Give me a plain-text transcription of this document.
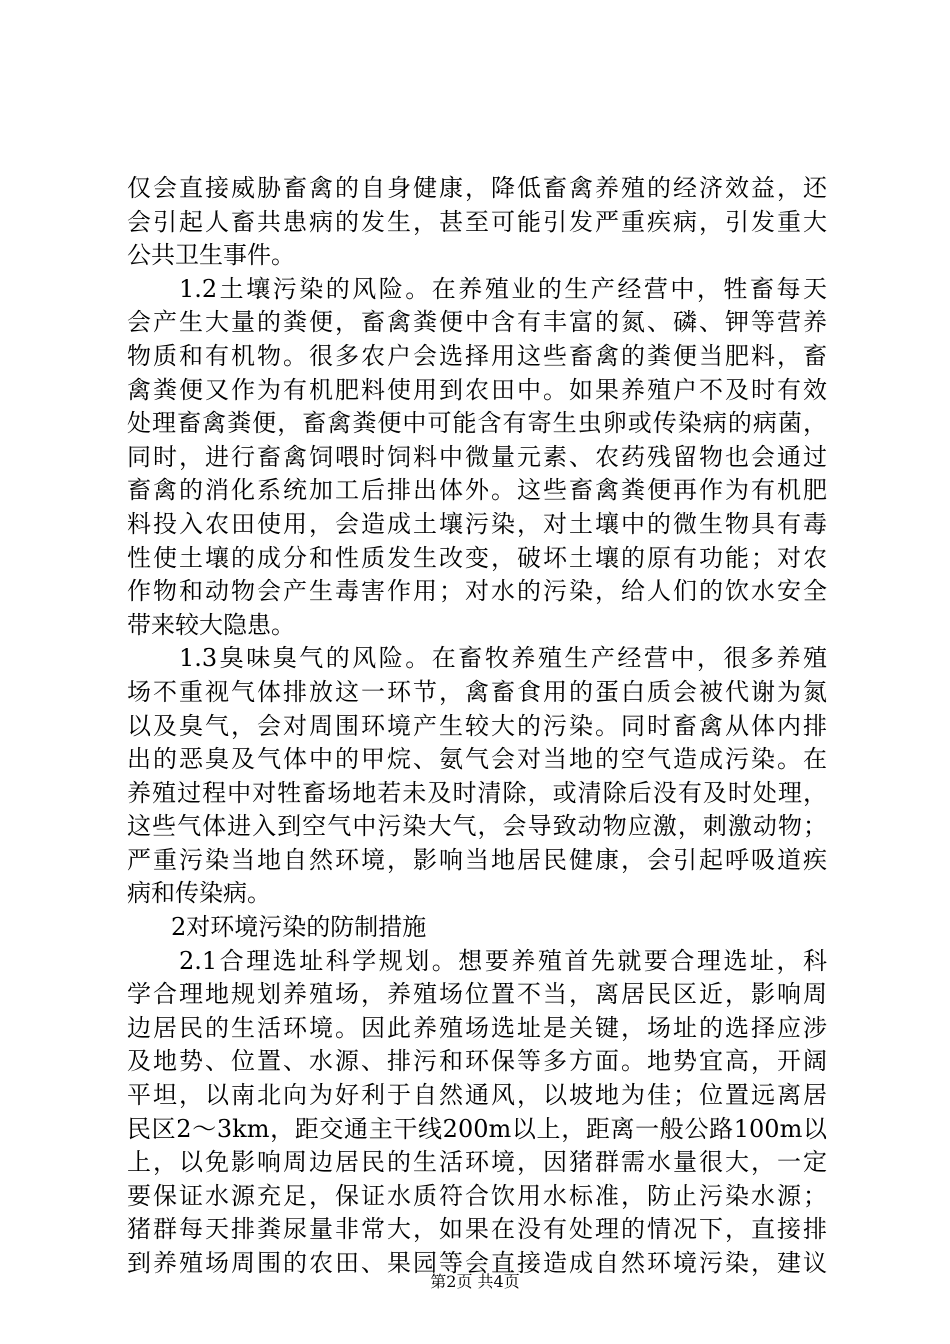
仅会直接威胁畜禽的自身健康，降低畜禽养殖的经济效益，还
会引起人畜共患病的发生，甚至可能引发严重疾病，引发重大
公共卫生事件。
1.2土壤污染的风险。在养殖业的生产经营中，牲畜每天
会产生大量的粪便，畜禽粪便中含有丰富的氮、磷、钾等营养
物质和有机物。很多农户会选择用这些畜禽的粪便当肥料，畜
禽粪便又作为有机肥料使用到农田中。如果养殖户不及时有效
处理畜禽粪便，畜禽粪便中可能含有寄生虫卵或传染病的病菌，
同时，进行畜禽饲喂时饲料中微量元素、农药残留物也会通过
畜禽的消化系统加工后排出体外。这些畜禽粪便再作为有机肥
料投入农田使用，会造成土壤污染，对土壤中的微生物具有毒
性使土壤的成分和性质发生改变，破坏土壤的原有功能；对农
作物和动物会产生毒害作用；对水的污染，给人们的饮水安全
带来较大隐患。
1.3臭味臭气的风险。在畜牧养殖生产经营中，很多养殖
场不重视气体排放这一环节，禽畜食用的蛋白质会被代谢为氮
以及臭气，会对周围环境产生较大的污染。同时畜禽从体内排
出的恶臭及气体中的甲烷、氨气会对当地的空气造成污染。在
养殖过程中对牲畜场地若未及时清除，或清除后没有及时处理，
这些气体进入到空气中污染大气，会导致动物应激，刺激动物；
严重污染当地自然环境，影响当地居民健康，会引起呼吸道疾
病和传染病。
2对环境污染的防制措施
2.1合理选址科学规划。想要养殖首先就要合理选址，科
学合理地规划养殖场，养殖场位置不当，离居民区近，影响周
边居民的生活环境。因此养殖场选址是关键，场址的选择应涉
及地势、位置、水源、排污和环保等多方面。地势宜高，开阔
平坦，以南北向为好利于自然通风，以坡地为佳；位置远离居
民区2～3km，距交通主干线200m以上，距离一般公路100m以
上，以免影响周边居民的生活环境，因猪群需水量很大，一定
要保证水源充足，保证水质符合饮用水标准，防止污染水源；
猪群每天排粪尿量非常大，如果在没有处理的情况下，直接排
到养殖场周围的农田、果园等会直接造成自然环境污染，建议
第2页 共4页
